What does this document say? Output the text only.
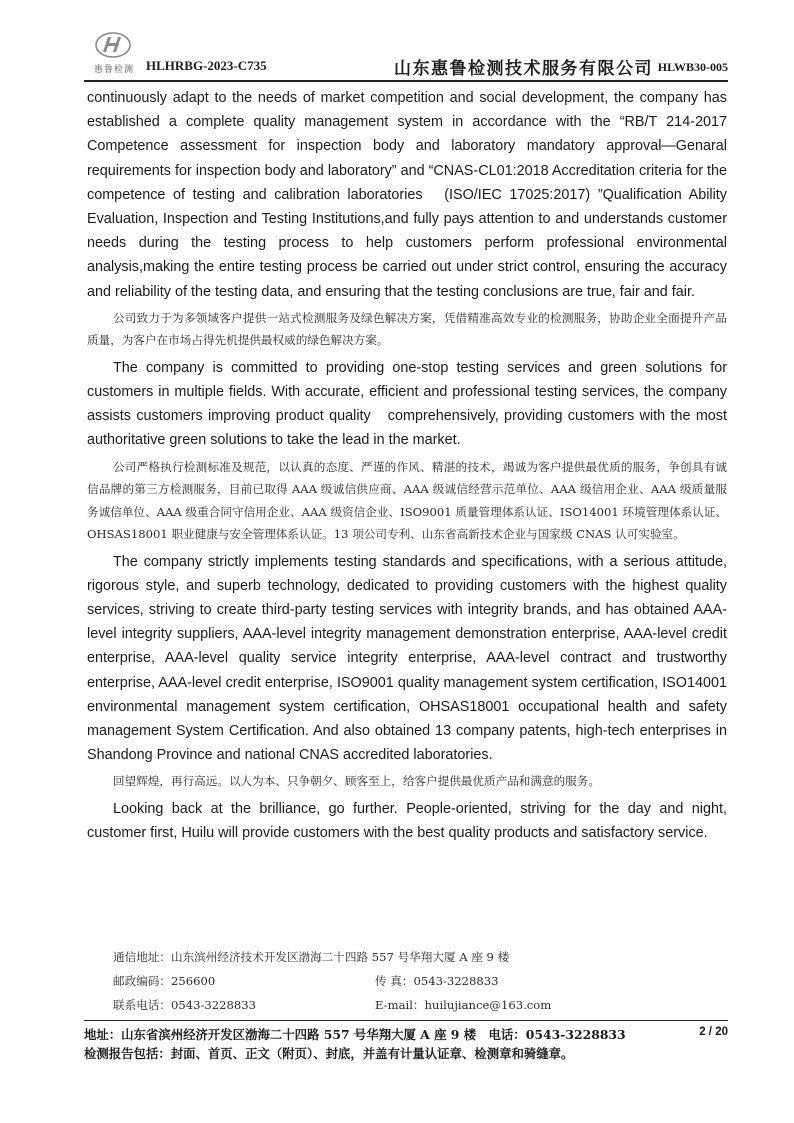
惠鲁检测 HLHRBG-2023-C735	山东惠鲁检测技术服务有限公司 HLWB30-005

continuously adapt to the needs of market competition and social development, the company has established a complete quality management system in accordance with the “RB/T 214-2017 Competence assessment for inspection body and laboratory mandatory approval—Genaral requirements for inspection body and laboratory” and “CNAS-CL01:2018 Accreditation criteria for the competence of testing and calibration laboratories　(ISO/IEC 17025:2017) ”Qualification Ability Evaluation, Inspection and Testing Institutions,and fully pays attention to and understands customer needs during the testing process to help customers perform professional environmental analysis,making the entire testing process be carried out under strict control, ensuring the accuracy and reliability of the testing data, and ensuring that the testing conclusions are true, fair and fair.

公司致力于为多领域客户提供一站式检测服务及绿色解决方案，凭借精准高效专业的检测服务，协助企业全面提升产品质量，为客户在市场占得先机提供最权威的绿色解决方案。

The company is committed to providing one-stop testing services and green solutions for customers in multiple fields. With accurate, efficient and professional testing services, the company assists customers improving product quality　comprehensively, providing customers with the most authoritative green solutions to take the lead in the market.

公司严格执行检测标准及规范，以认真的态度、严谨的作风、精湛的技术，竭诚为客户提供最优质的服务，争创具有诚信品牌的第三方检测服务，目前已取得 AAA 级诚信供应商、AAA 级诚信经营示范单位、AAA 级信用企业、AAA 级质量服务诚信单位、AAA 级重合同守信用企业、AAA 级资信企业、ISO9001 质量管理体系认证、ISO14001 环境管理体系认证、OHSAS18001 职业健康与安全管理体系认证。13 项公司专利、山东省高新技术企业与国家级 CNAS 认可实验室。

The company strictly implements testing standards and specifications, with a serious attitude, rigorous style, and superb technology, dedicated to providing customers with the highest quality services, striving to create third-party testing services with integrity brands, and has obtained AAA-level integrity suppliers, AAA-level integrity management demonstration enterprise, AAA-level credit enterprise, AAA-level quality service integrity enterprise, AAA-level contract and trustworthy enterprise, AAA-level credit enterprise, ISO9001 quality management system certification, ISO14001 environmental management system certification, OHSAS18001 occupational health and safety management System Certification. And also obtained 13 company patents, high-tech enterprises in Shandong Province and national CNAS accredited laboratories.

回望辉煌，再行高远。以人为本、只争朝夕、顾客至上，给客户提供最优质产品和满意的服务。

Looking back at the brilliance, go further. People-oriented, striving for the day and night, customer first, Huilu will provide customers with the best quality products and satisfactory service.

通信地址：山东滨州经济技术开发区渤海二十四路 557 号华翔大厦 A 座 9 楼
邮政编码：256600	传 真：0543-3228833
联系电话：0543-3228833	E-mail：huilujiance@163.com
地址：山东省滨州经济开发区渤海二十四路 557 号华翔大厦 A 座 9 楼　电话：0543-3228833
检测报告包括：封面、首页、正文（附页）、封底，并盖有计量认证章、检测章和骑缝章。
2 / 20
